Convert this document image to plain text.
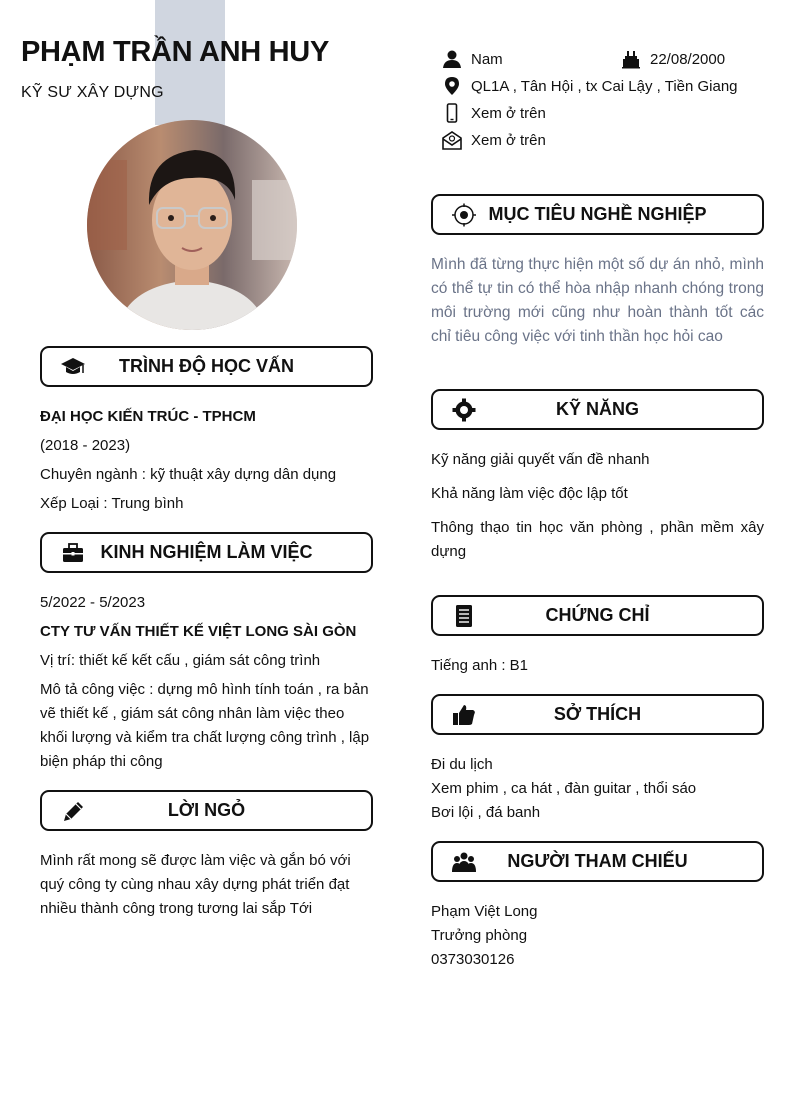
PHẠM TRẦN ANH HUY
KỸ SƯ XÂY DỰNG
Nam	22/08/2000
QL1A , Tân Hội , tx Cai Lậy , Tiền Giang
Xem ở trên
Xem ở trên
TRÌNH ĐỘ HỌC VẤN
ĐẠI HỌC KIẾN TRÚC - TPHCM
(2018 - 2023)
Chuyên ngành : kỹ thuật xây dựng dân dụng
Xếp Loại : Trung bình
KINH NGHIỆM LÀM VIỆC
5/2022 - 5/2023
CTY TƯ VẤN THIẾT KẾ VIỆT LONG SÀI GÒN
Vị trí: thiết kế kết cấu , giám sát công trình
Mô tả công việc : dựng mô hình tính toán , ra bản vẽ thiết kế , giám sát công nhân làm việc theo khối lượng và kiểm tra chất lượng công trình , lập biện pháp thi công
LỜI NGỎ
Mình rất mong sẽ được làm việc và gắn bó với quý công ty cùng nhau xây dựng phát triển đạt nhiều thành công trong tương lai sắp Tới
MỤC TIÊU NGHỀ NGHIỆP
Mình đã từng thực hiện một số dự án nhỏ, mình có thể tự tin có thể hòa nhập nhanh chóng trong môi trường mới cũng như hoàn thành tốt các chỉ tiêu công việc với tinh thần học hỏi cao
KỸ NĂNG
Kỹ năng giải quyết vấn đề nhanh
Khả năng làm việc độc lập tốt
Thông thạo tin học văn phòng , phần mềm xây dựng
CHỨNG CHỈ
Tiếng anh : B1
SỞ THÍCH
Đi du lịch
Xem phim , ca hát , đàn guitar , thổi sáo
Bơi lội , đá banh
NGƯỜI THAM CHIẾU
Phạm Việt Long
Trưởng phòng
0373030126
